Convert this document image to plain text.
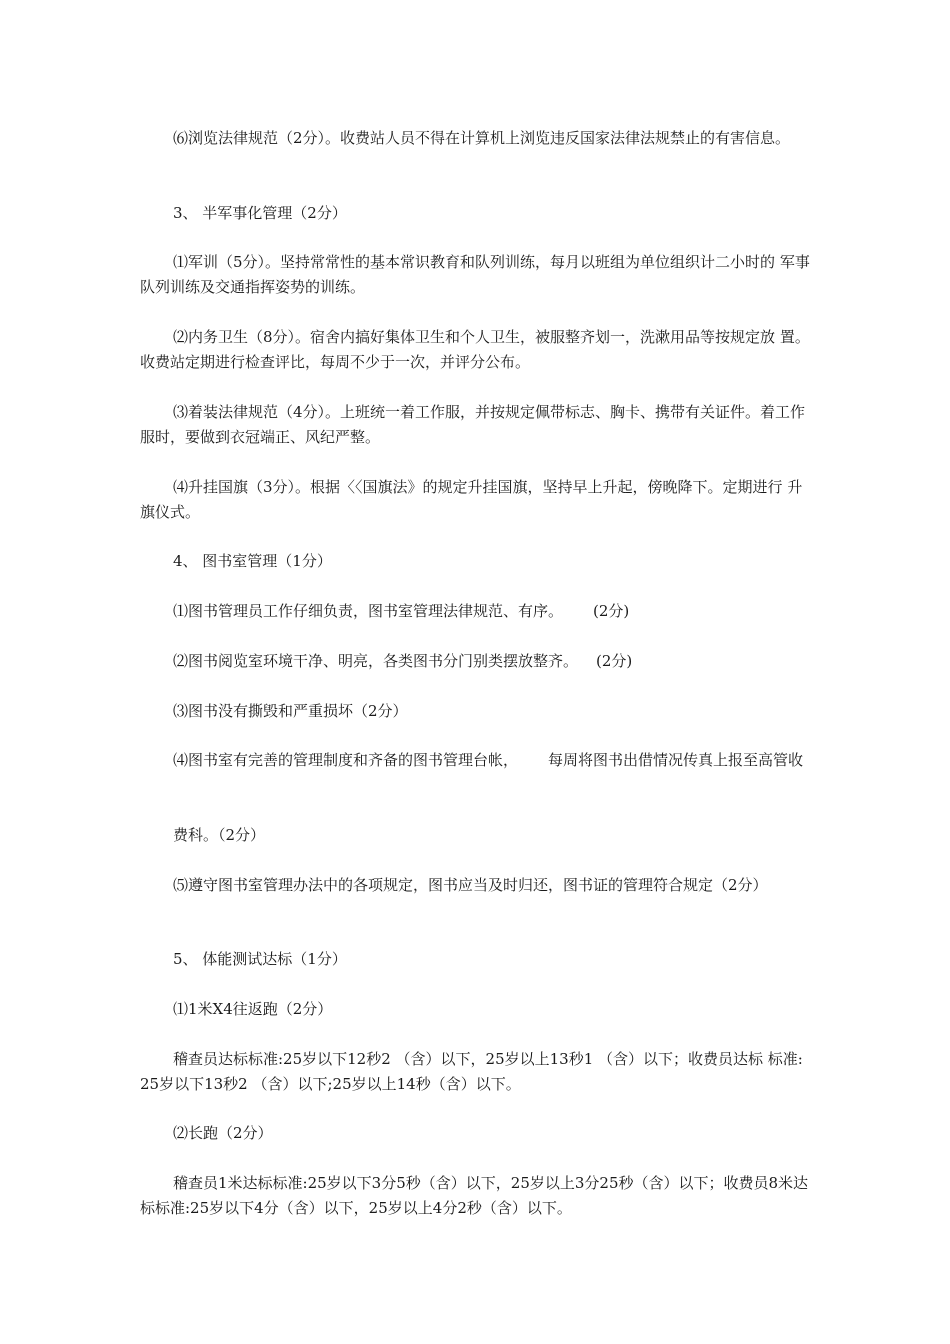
⑹浏览法律规范（2分）。收费站人员不得在计算机上浏览违反国家法律法规禁止的有害信息。

3、 半军事化管理（2分）

⑴军训（5分）。坚持常常性的基本常识教育和队列训练，每月以班组为单位组织计二小时的 军事队列训练及交通指挥姿势的训练。

⑵内务卫生（8分）。宿舍内搞好集体卫生和个人卫生，被服整齐划一，洗漱用品等按规定放 置。收费站定期进行检查评比，每周不少于一次，并评分公布。

⑶着装法律规范（4分）。上班统一着工作服，并按规定佩带标志、胸卡、携带有关证件。着工作 服时，要做到衣冠端正、风纪严整。

⑷升挂国旗（3分）。根据〈〈国旗法》的规定升挂国旗，坚持早上升起，傍晚降下。定期进行 升旗仪式。

4、 图书室管理（1分）

⑴图书管理员工作仔细负责，图书室管理法律规范、有序。 (2分)

⑵图书阅览室环境干净、明亮，各类图书分门别类摆放整齐。 (2分)

⑶图书没有撕毁和严重损坏（2分）

⑷图书室有完善的管理制度和齐备的图书管理台帐， 每周将图书出借情况传真上报至高管收

费科。（2分）

⑸遵守图书室管理办法中的各项规定，图书应当及时归还，图书证的管理符合规定（2分）

5、 体能测试达标（1分）

⑴1米X4往返跑（2分）

稽查员达标标准:25岁以下12秒2 （含）以下，25岁以上13秒1 （含）以下；收费员达标 标准:25岁以下13秒2 （含）以下;25岁以上14秒（含）以下。

⑵长跑（2分）

稽查员1米达标标准:25岁以下3分5秒（含）以下，25岁以上3分25秒（含）以下；收费员8米达标标准:25岁以下4分（含）以下，25岁以上4分2秒（含）以下。
